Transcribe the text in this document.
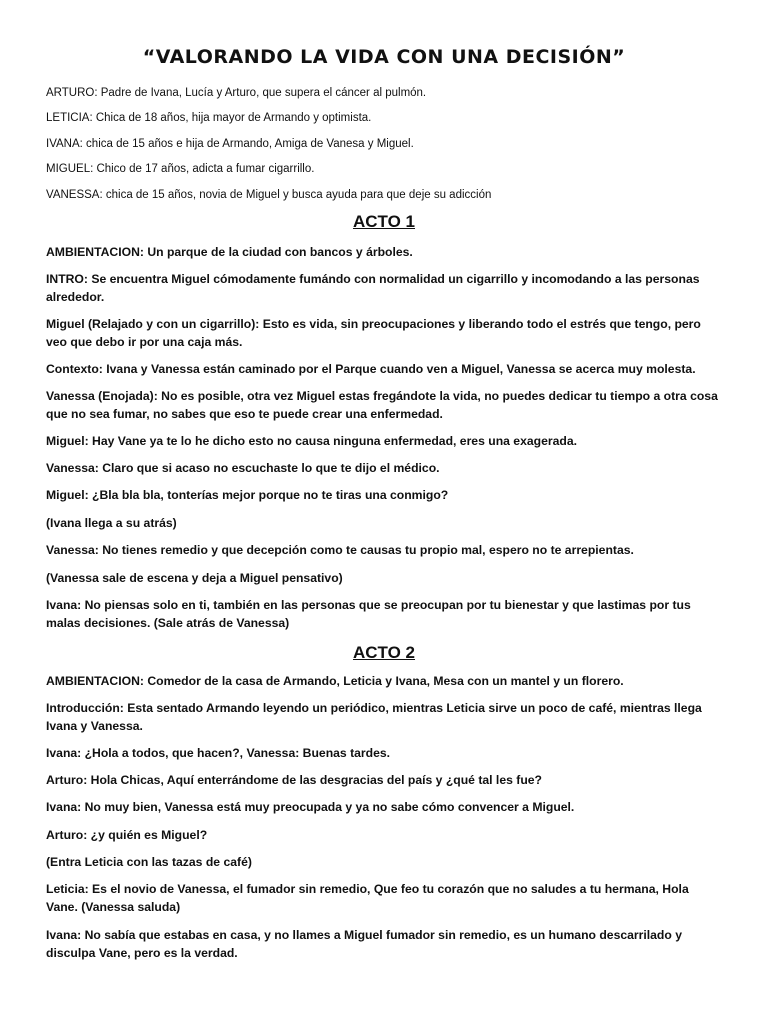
“VALORANDO LA VIDA CON UNA DECISIÓN”
ARTURO: Padre de Ivana, Lucía y Arturo, que supera el cáncer al pulmón.
LETICIA: Chica de 18 años, hija mayor de Armando y optimista.
IVANA: chica de 15 años e hija de Armando, Amiga de Vanesa y Miguel.
MIGUEL: Chico de 17 años, adicta a fumar cigarrillo.
VANESSA: chica de 15 años, novia de Miguel y busca ayuda para que deje su adicción
ACTO 1
AMBIENTACION: Un parque de la ciudad con bancos y árboles.
INTRO: Se encuentra Miguel cómodamente fumándo con normalidad un cigarrillo y incomodando a las personas alrededor.
Miguel (Relajado y con un cigarrillo): Esto es vida, sin preocupaciones y liberando todo el estrés que tengo, pero veo que debo ir por una caja más.
Contexto: Ivana y Vanessa están caminado por el Parque cuando ven a Miguel, Vanessa se acerca muy molesta.
Vanessa (Enojada): No es posible, otra vez Miguel estas fregándote la vida, no puedes dedicar tu tiempo a otra cosa que no sea fumar, no sabes que eso te puede crear una enfermedad.
Miguel: Hay Vane ya te lo he dicho esto no causa ninguna enfermedad, eres una exagerada.
Vanessa: Claro que si acaso no escuchaste lo que te dijo el médico.
Miguel: ¿Bla bla bla, tonterías mejor porque no te tiras una conmigo?
(Ivana llega a su atrás)
Vanessa: No tienes remedio y que decepción como te causas tu propio mal, espero no te arrepientas.
(Vanessa sale de escena y deja a Miguel pensativo)
Ivana: No piensas solo en ti, también en las personas que se preocupan por tu bienestar y que lastimas por tus malas decisiones. (Sale atrás de Vanessa)
ACTO 2
AMBIENTACION: Comedor de la casa de Armando, Leticia y Ivana, Mesa con un mantel y un florero.
Introducción: Esta sentado Armando leyendo un periódico, mientras Leticia sirve un poco de café, mientras llega Ivana y Vanessa.
Ivana: ¿Hola a todos, que hacen?, Vanessa: Buenas tardes.
Arturo: Hola Chicas, Aquí enterrándome de las desgracias del país y ¿qué tal les fue?
Ivana: No muy bien, Vanessa está muy preocupada y ya no sabe cómo convencer a Miguel.
Arturo: ¿y quién es Miguel?
(Entra Leticia con las tazas de café)
Leticia: Es el novio de Vanessa, el fumador sin remedio, Que feo tu corazón que no saludes a tu hermana, Hola Vane. (Vanessa saluda)
Ivana: No sabía que estabas en casa, y no llames a Miguel fumador sin remedio, es un humano descarrilado y disculpa Vane, pero es la verdad.
